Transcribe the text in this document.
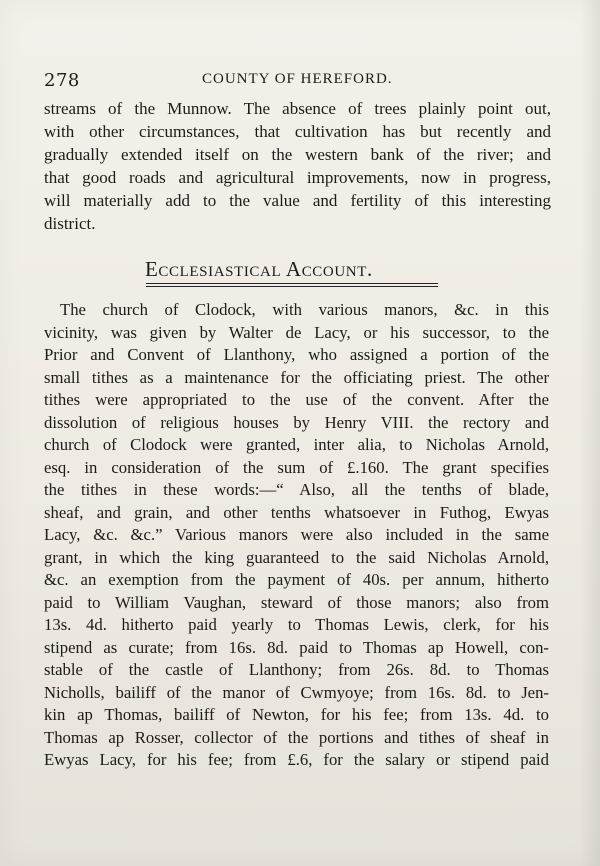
278	COUNTY OF HEREFORD.
streams of the Munnow. The absence of trees plainly point out,
with other circumstances, that cultivation has but recently and
gradually extended itself on the western bank of the river; and
that good roads and agricultural improvements, now in progress,
will materially add to the value and fertility of this interesting
district.
Ecclesiastical Account.
The church of Clodock, with various manors, &c. in this
vicinity, was given by Walter de Lacy, or his successor, to the
Prior and Convent of Llanthony, who assigned a portion of the
small tithes as a maintenance for the officiating priest. The other
tithes were appropriated to the use of the convent. After the
dissolution of religious houses by Henry VIII. the rectory and
church of Clodock were granted, inter alia, to Nicholas Arnold,
esq. in consideration of the sum of £.160. The grant specifies
the tithes in these words:—“ Also, all the tenths of blade,
sheaf, and grain, and other tenths whatsoever in Futhog, Ewyas
Lacy, &c. &c.” Various manors were also included in the same
grant, in which the king guaranteed to the said Nicholas Arnold,
&c. an exemption from the payment of 40s. per annum, hitherto
paid to William Vaughan, steward of those manors; also from
13s. 4d. hitherto paid yearly to Thomas Lewis, clerk, for his
stipend as curate; from 16s. 8d. paid to Thomas ap Howell, con-
stable of the castle of Llanthony; from 26s. 8d. to Thomas
Nicholls, bailiff of the manor of Cwmyoye; from 16s. 8d. to Jen-
kin ap Thomas, bailiff of Newton, for his fee; from 13s. 4d. to
Thomas ap Rosser, collector of the portions and tithes of sheaf in
Ewyas Lacy, for his fee; from £.6, for the salary or stipend paid
